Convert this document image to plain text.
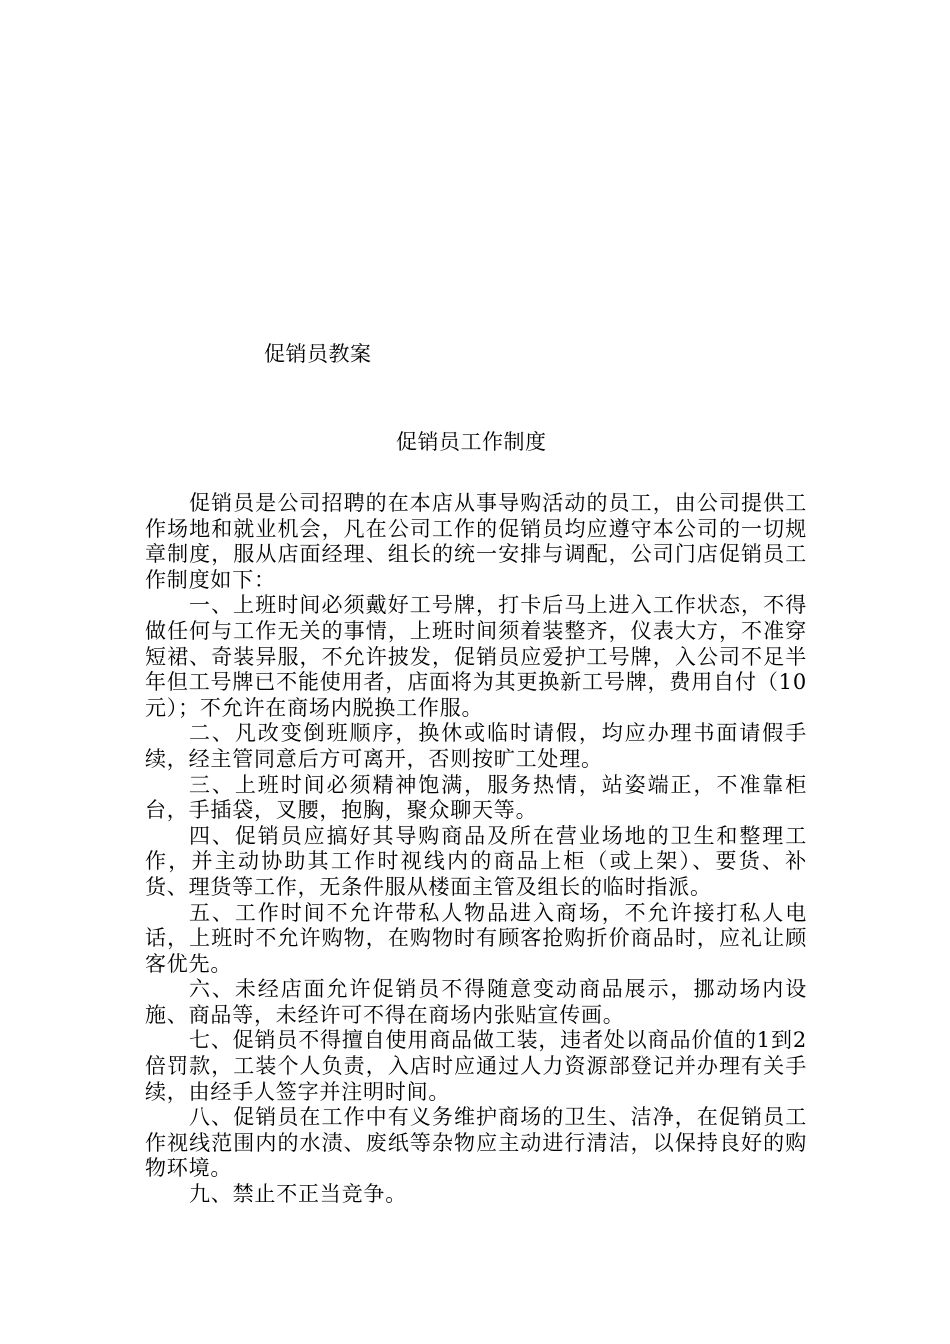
促销员教案
促销员工作制度

促销员是公司招聘的在本店从事导购活动的员工，由公司提供工作场地和就业机会，凡在公司工作的促销员均应遵守本公司的一切规章制度，服从店面经理、组长的统一安排与调配，公司门店促销员工作制度如下：

一、上班时间必须戴好工号牌，打卡后马上进入工作状态，不得做任何与工作无关的事情，上班时间须着装整齐，仪表大方，不准穿短裙、奇装异服，不允许披发，促销员应爱护工号牌，入公司不足半年但工号牌已不能使用者，店面将为其更换新工号牌，费用自付（10元）；不允许在商场内脱换工作服。

二、凡改变倒班顺序，换休或临时请假，均应办理书面请假手续，经主管同意后方可离开，否则按旷工处理。

三、上班时间必须精神饱满，服务热情，站姿端正，不准靠柜台，手插袋，叉腰，抱胸，聚众聊天等。

四、促销员应搞好其导购商品及所在营业场地的卫生和整理工作，并主动协助其工作时视线内的商品上柜（或上架）、要货、补货、理货等工作，无条件服从楼面主管及组长的临时指派。

五、工作时间不允许带私人物品进入商场，不允许接打私人电话，上班时不允许购物，在购物时有顾客抢购折价商品时，应礼让顾客优先。

六、未经店面允许促销员不得随意变动商品展示，挪动场内设施、商品等，未经许可不得在商场内张贴宣传画。

七、促销员不得擅自使用商品做工装，违者处以商品价值的1到2倍罚款，工装个人负责，入店时应通过人力资源部登记并办理有关手续，由经手人签字并注明时间。

八、促销员在工作中有义务维护商场的卫生、洁净，在促销员工作视线范围内的水渍、废纸等杂物应主动进行清洁，以保持良好的购物环境。

九、禁止不正当竞争。
